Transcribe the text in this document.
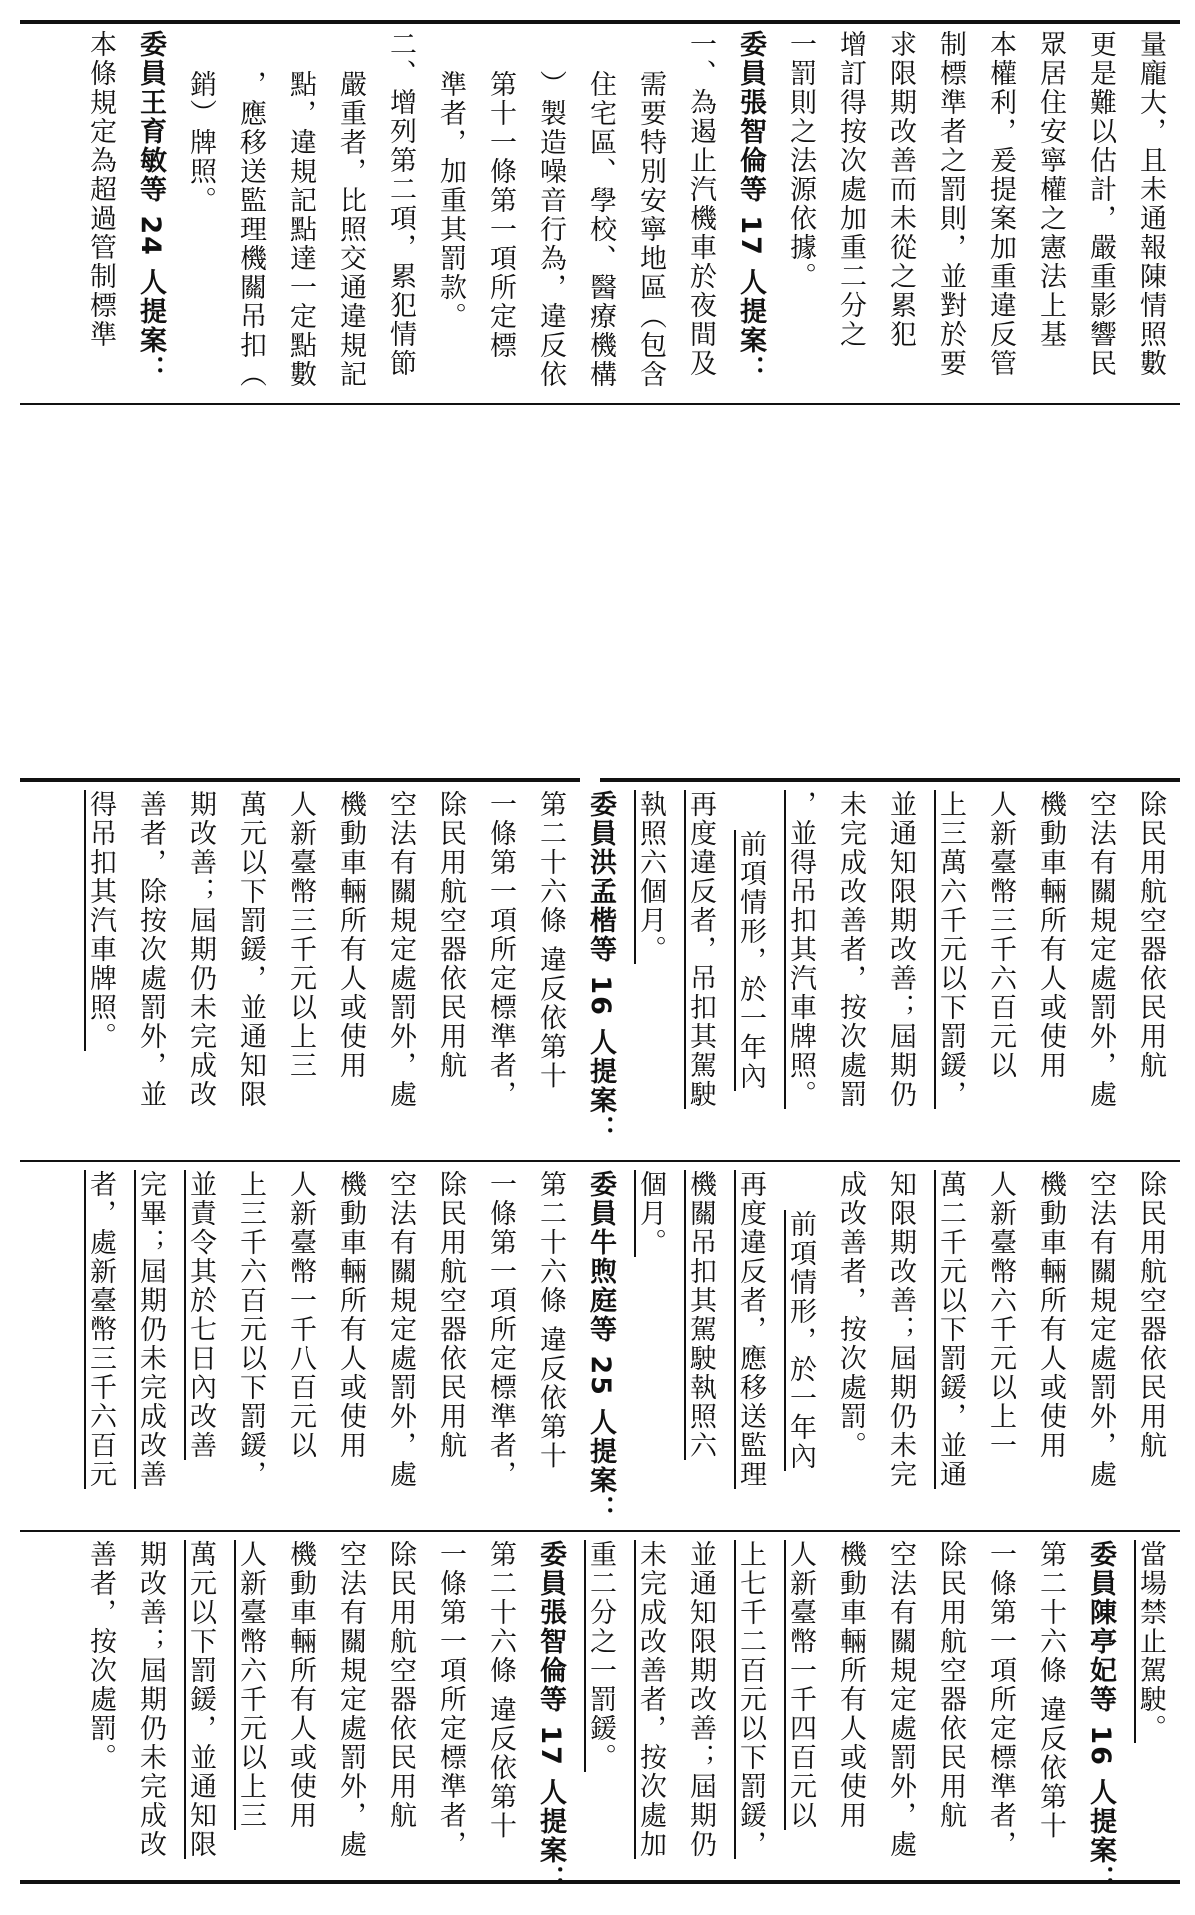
量龐大，且未通報陳情照數
更是難以估計，嚴重影響民
眾居住安寧權之憲法上基
本權利，爰提案加重違反管
制標準者之罰則，並對於要
求限期改善而未從之累犯
增訂得按次處加重二分之
一罰則之法源依據。
委員張智倫等 17 人提案：
一、為遏止汽機車於夜間及
需要特別安寧地區（包含
住宅區、學校、醫療機構
）製造噪音行為，違反依
第十一條第一項所定標
準者，加重其罰款。
二、增列第二項，累犯情節
嚴重者，比照交通違規記
點，違規記點達一定點數
，應移送監理機關吊扣（
銷）牌照。
委員王育敏等 24 人提案：
本條規定為超過管制標準
除民用航空器依民用航
空法有關規定處罰外，處
機動車輛所有人或使用
人新臺幣三千六百元以
上三萬六千元以下罰鍰，
並通知限期改善；屆期仍
未完成改善者，按次處罰
，並得吊扣其汽車牌照。
前項情形，於一年內
再度違反者，吊扣其駕駛
執照六個月。
委員洪孟楷等 16 人提案：
第二十六條 違反依第十
一條第一項所定標準者，
除民用航空器依民用航
空法有關規定處罰外，處
機動車輛所有人或使用
人新臺幣三千元以上三
萬元以下罰鍰，並通知限
期改善；屆期仍未完成改
善者，除按次處罰外，並
得吊扣其汽車牌照。
除民用航空器依民用航
空法有關規定處罰外，處
機動車輛所有人或使用
人新臺幣六千元以上一
萬二千元以下罰鍰，並通
知限期改善；屆期仍未完
成改善者，按次處罰。
前項情形，於一年內
再度違反者，應移送監理
機關吊扣其駕駛執照六
個月。
委員牛煦庭等 25 人提案：
第二十六條 違反依第十
一條第一項所定標準者，
除民用航空器依民用航
空法有關規定處罰外，處
機動車輛所有人或使用
人新臺幣一千八百元以
上三千六百元以下罰鍰，
並責令其於七日內改善
完畢；屆期仍未完成改善
者，處新臺幣三千六百元
當場禁止駕駛。
委員陳亭妃等 16 人提案：
第二十六條 違反依第十
一條第一項所定標準者，
除民用航空器依民用航
空法有關規定處罰外，處
機動車輛所有人或使用
人新臺幣一千四百元以
上七千二百元以下罰鍰，
並通知限期改善；屆期仍
未完成改善者，按次處加
重二分之一罰鍰。
委員張智倫等 17 人提案：
第二十六條 違反依第十
一條第一項所定標準者，
除民用航空器依民用航
空法有關規定處罰外，處
機動車輛所有人或使用
人新臺幣六千元以上三
萬元以下罰鍰，並通知限
期改善；屆期仍未完成改
善者，按次處罰。
